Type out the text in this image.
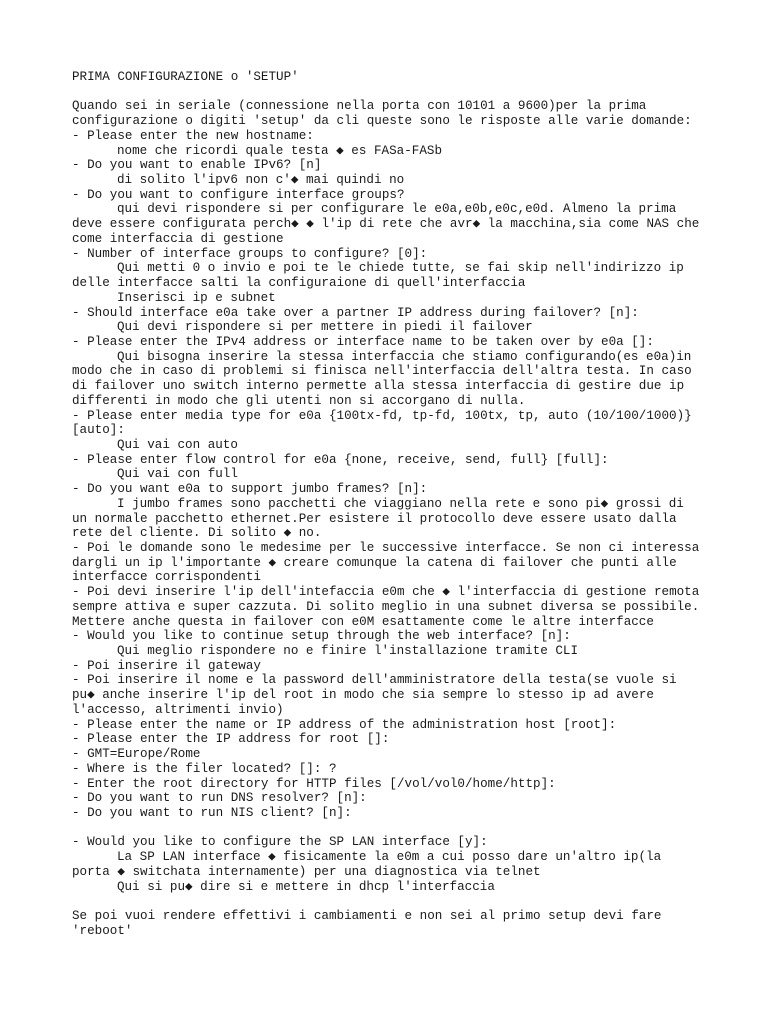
PRIMA CONFIGURAZIONE o 'SETUP'
Quando sei in seriale (connessione nella porta con 10101 a 9600)per la prima
configurazione o digiti 'setup' da cli queste sono le risposte alle varie domande:
- Please enter the new hostname:
nome che ricordi quale testa ◆ es FASa-FASb
- Do you want to enable IPv6? [n]
di solito l'ipv6 non c'◆ mai quindi no
- Do you want to configure interface groups?
qui devi rispondere si per configurare le e0a,e0b,e0c,e0d. Almeno la prima
deve essere configurata perch◆ ◆ l'ip di rete che avr◆ la macchina,sia come NAS che
come interfaccia di gestione
- Number of interface groups to configure? [0]:
Qui metti 0 o invio e poi te le chiede tutte, se fai skip nell'indirizzo ip
delle interfacce salti la configuraione di quell'interfaccia
Inserisci ip e subnet
- Should interface e0a take over a partner IP address during failover? [n]:
Qui devi rispondere si per mettere in piedi il failover
- Please enter the IPv4 address or interface name to be taken over by e0a []:
Qui bisogna inserire la stessa interfaccia che stiamo configurando(es e0a)in
modo che in caso di problemi si finisca nell'interfaccia dell'altra testa. In caso
di failover uno switch interno permette alla stessa interfaccia di gestire due ip
differenti in modo che gli utenti non si accorgano di nulla.
- Please enter media type for e0a {100tx-fd, tp-fd, 100tx, tp, auto (10/100/1000)}
[auto]:
Qui vai con auto
- Please enter flow control for e0a {none, receive, send, full} [full]:
Qui vai con full
- Do you want e0a to support jumbo frames? [n]:
I jumbo frames sono pacchetti che viaggiano nella rete e sono pi◆ grossi di
un normale pacchetto ethernet.Per esistere il protocollo deve essere usato dalla
rete del cliente. Di solito ◆ no.
- Poi le domande sono le medesime per le successive interfacce. Se non ci interessa
dargli un ip l'importante ◆ creare comunque la catena di failover che punti alle
interfacce corrispondenti
- Poi devi inserire l'ip dell'intefaccia e0m che ◆ l'interfaccia di gestione remota
sempre attiva e super cazzuta. Di solito meglio in una subnet diversa se possibile.
Mettere anche questa in failover con e0M esattamente come le altre interfacce
- Would you like to continue setup through the web interface? [n]:
Qui meglio rispondere no e finire l'installazione tramite CLI
- Poi inserire il gateway
- Poi inserire il nome e la password dell'amministratore della testa(se vuole si
pu◆ anche inserire l'ip del root in modo che sia sempre lo stesso ip ad avere
l'accesso, altrimenti invio)
- Please enter the name or IP address of the administration host [root]:
- Please enter the IP address for root []:
- GMT=Europe/Rome
- Where is the filer located? []: ?
- Enter the root directory for HTTP files [/vol/vol0/home/http]:
- Do you want to run DNS resolver? [n]:
- Do you want to run NIS client? [n]:
- Would you like to configure the SP LAN interface [y]:
La SP LAN interface ◆ fisicamente la e0m a cui posso dare un'altro ip(la
porta ◆ switchata internamente) per una diagnostica via telnet
Qui si pu◆ dire si e mettere in dhcp l'interfaccia
Se poi vuoi rendere effettivi i cambiamenti e non sei al primo setup devi fare
'reboot'
